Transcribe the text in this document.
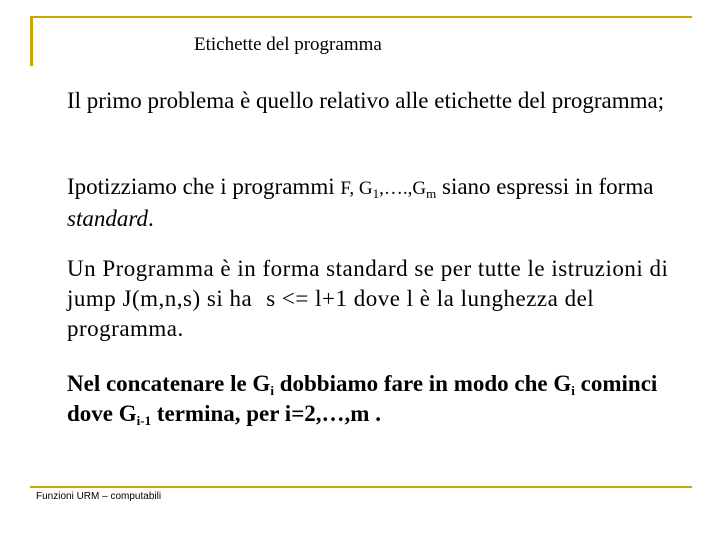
Etichette del programma
Il primo problema è quello relativo alle etichette del programma;
Ipotizziamo che i programmi F, $G_1,\dots.,G_m$ siano espressi in forma standard.
Un Programma è in forma standard se per tutte le istruzioni di jump J(m,n,s) si ha s <= l+1 dove l è la lunghezza del programma.
Nel concatenare le $G_i$ dobbiamo fare in modo che $G_i$ cominci dove $G_{i-1}$ termina, per i=2,…,m .
Funzioni URM – computabili
